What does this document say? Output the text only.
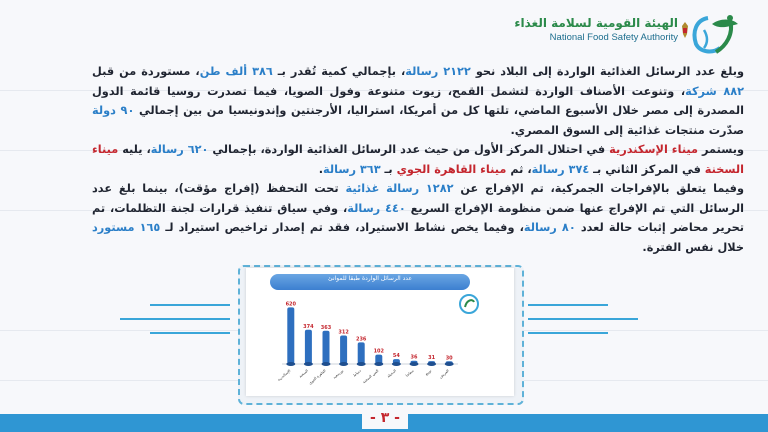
الهيئة القومية لسلامة الغذاء
National Food Safety Authority

وبلغ عدد الرسائل الغذائية الواردة إلى البلاد نحو ٢١٢٢ رسالة، بإجمالي كمية تُقدر بـ ٣٨٦ ألف طن، مستوردة من قبل ٨٨٢ شركة، وتنوعت الأصناف الواردة لتشمل القمح، زيوت متنوعة وفول الصويا، فيما تصدرت روسيا قائمة الدول المصدرة إلى مصر خلال الأسبوع الماضي، تلتها كل من أمريكا، استراليا، الأرجنتين وإندونيسيا من بين إجمالي ٩٠ دولة صدّرت منتجات غذائية إلى السوق المصري.

ويستمر ميناء الإسكندرية في احتلال المركز الأول من حيث عدد الرسائل الغذائية الواردة، بإجمالي ٦٢٠ رسالة، يليه ميناء السخنة في المركز الثاني بـ ٣٧٤ رسالة، ثم ميناء القاهرة الجوي بـ ٣٦٣ رسالة.

وفيما يتعلق بالإفراجات الجمركية، تم الإفراج عن ١٢٨٢ رسالة غذائية تحت التحفظ (إفراج مؤقت)، بينما بلغ عدد الرسائل التي تم الإفراج عنها ضمن منظومة الإفراج السريع ٤٤٠ رسالة، وفي سياق تنفيذ قرارات لجنة التظلمات، تم تحرير محاضر إثبات حالة لعدد ٨٠ رسالة، وفيما يخص نشاط الاستيراد، فقد تم إصدار تراخيص استيراد لـ ١٦٥ مستورد خلال نفس الفترة.

عدد الرسائل الواردة طبقا للموانئ
620
الإسكندرية
374
السخنة
363
القاهرة الجوي
312
بورسعيد
236
دمياط
102
العين السخنة
54
الدخيلة
36
سفاجا
31
نويبع
30
العريش
- ٣ -
